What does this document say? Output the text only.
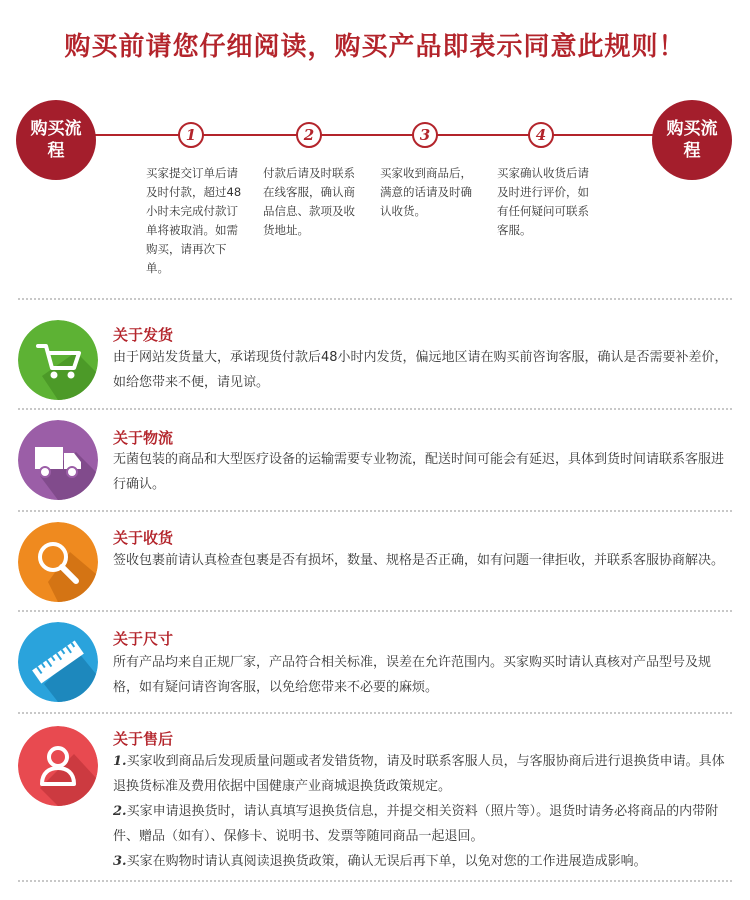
购买前请您仔细阅读，购买产品即表示同意此规则！
购买流程
购买流程
1	2	3	4
买家提交订单后请及时付款，超过48小时未完成付款订单将被取消。如需购买，请再次下单。
付款后请及时联系在线客服，确认商品信息、款项及收货地址。
买家收到商品后，满意的话请及时确认收货。
买家确认收货后请及时进行评价，如有任何疑问可联系客服。
关于发货

由于网站发货量大，承诺现货付款后48小时内发货，偏远地区请在购买前咨询客服，确认是否需要补差价，如给您带来不便，请见谅。

关于物流

无菌包装的商品和大型医疗设备的运输需要专业物流，配送时间可能会有延迟，具体到货时间请联系客服进行确认。

关于收货

签收包裹前请认真检查包裹是否有损坏，数量、规格是否正确，如有问题一律拒收，并联系客服协商解决。

关于尺寸

所有产品均来自正规厂家，产品符合相关标准，误差在允许范围内。买家购买时请认真核对产品型号及规格，如有疑问请咨询客服，以免给您带来不必要的麻烦。

关于售后

1.买家收到商品后发现质量问题或者发错货物，请及时联系客服人员，与客服协商后进行退换货申请。具体退换货标准及费用依据中国健康产业商城退换货政策规定。

2.买家申请退换货时，请认真填写退换货信息，并提交相关资料（照片等）。退货时请务必将商品的内带附件、赠品（如有）、保修卡、说明书、发票等随同商品一起退回。

3.买家在购物时请认真阅读退换货政策，确认无误后再下单，以免对您的工作进展造成影响。
